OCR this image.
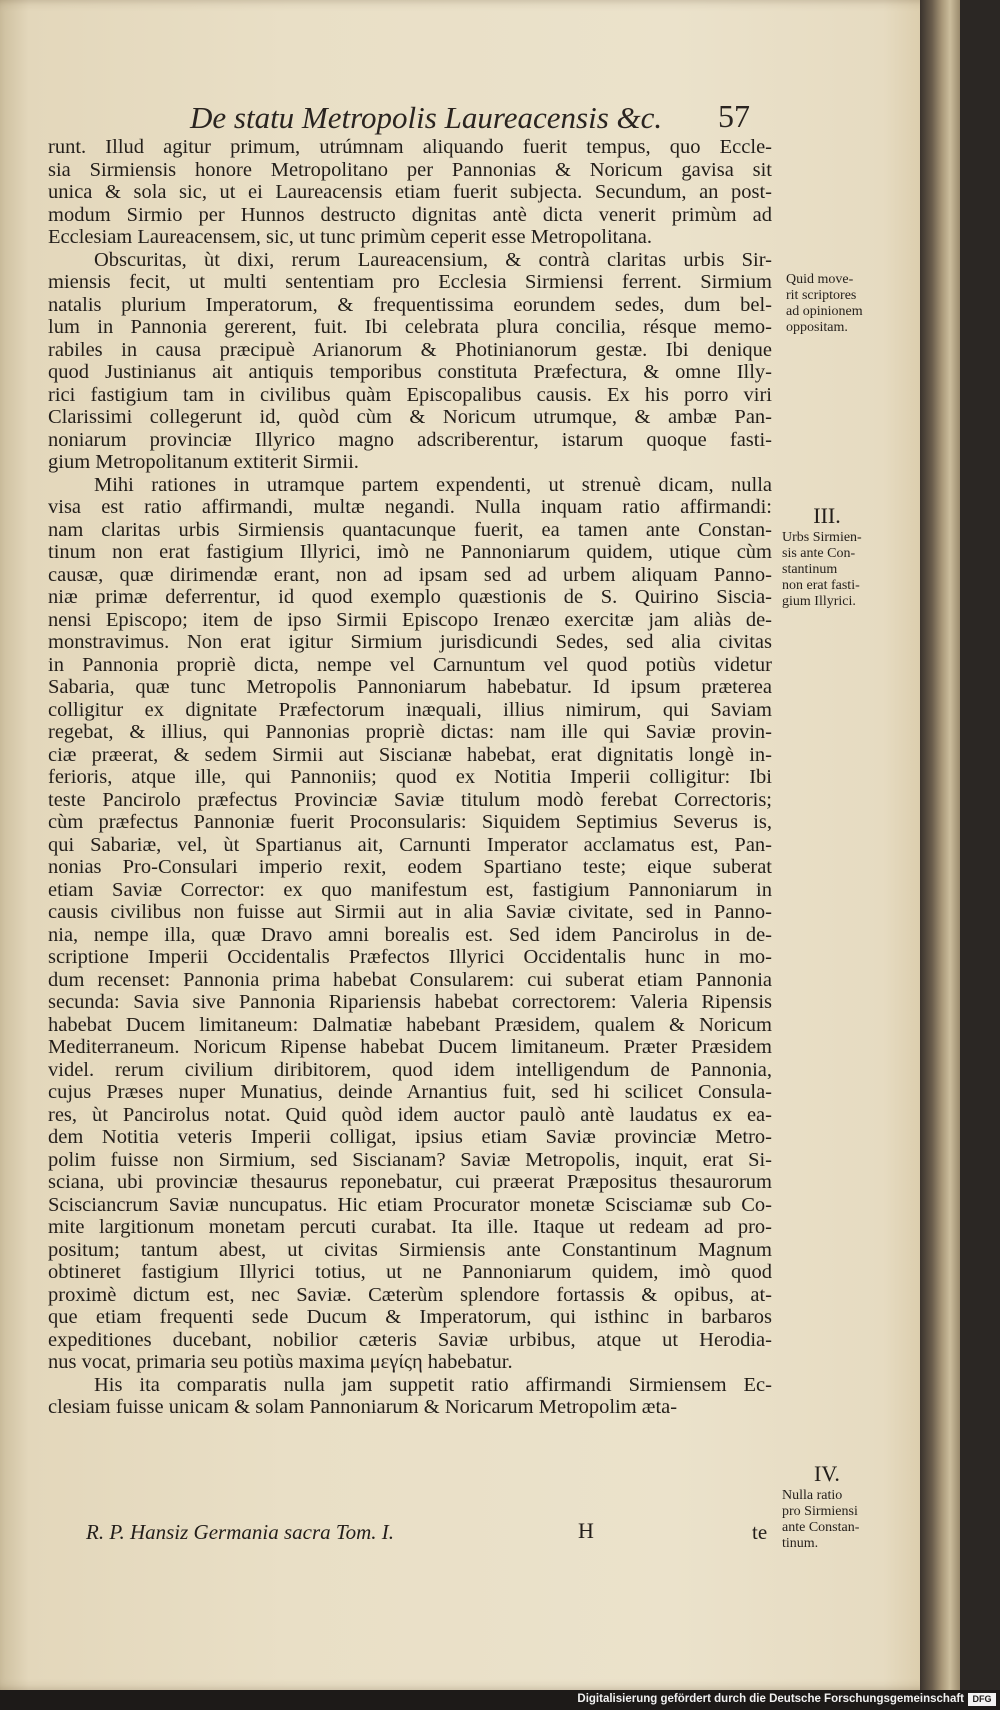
De statu Metropolis Laureacensis &c.	57
runt. Illud agitur primum, utrúmnam aliquando fuerit tempus, quo Eccle-
sia Sirmiensis honore Metropolitano per Pannonias & Noricum gavisa sit
unica & sola sic, ut ei Laureacensis etiam fuerit subjecta. Secundum, an post-
modum Sirmio per Hunnos destructo dignitas antè dicta venerit primùm ad
Ecclesiam Laureacensem, sic, ut tunc primùm ceperit esse Metropolitana.
Obscuritas, ùt dixi, rerum Laureacensium, & contrà claritas urbis Sir-
miensis fecit, ut multi sententiam pro Ecclesia Sirmiensi ferrent. Sirmium
natalis plurium Imperatorum, & frequentissima eorundem sedes, dum bel-
lum in Pannonia gererent, fuit. Ibi celebrata plura concilia, résque memo-
rabiles in causa præcipuè Arianorum & Photinianorum gestæ. Ibi denique
quod Justinianus ait antiquis temporibus constituta Præfectura, & omne Illy-
rici fastigium tam in civilibus quàm Episcopalibus causis. Ex his porro viri
Clarissimi collegerunt id, quòd cùm & Noricum utrumque, & ambæ Pan-
noniarum provinciæ Illyrico magno adscriberentur, istarum quoque fasti-
gium Metropolitanum extiterit Sirmii.
Mihi rationes in utramque partem expendenti, ut strenuè dicam, nulla
visa est ratio affirmandi, multæ negandi. Nulla inquam ratio affirmandi:
nam claritas urbis Sirmiensis quantacunque fuerit, ea tamen ante Constan-
tinum non erat fastigium Illyrici, imò ne Pannoniarum quidem, utique cùm
causæ, quæ dirimendæ erant, non ad ipsam sed ad urbem aliquam Panno-
niæ primæ deferrentur, id quod exemplo quæstionis de S. Quirino Siscia-
nensi Episcopo; item de ipso Sirmii Episcopo Irenæo exercitæ jam aliàs de-
monstravimus. Non erat igitur Sirmium jurisdicundi Sedes, sed alia civitas
in Pannonia propriè dicta, nempe vel Carnuntum vel quod potiùs videtur
Sabaria, quæ tunc Metropolis Pannoniarum habebatur. Id ipsum præterea
colligitur ex dignitate Præfectorum inæquali, illius nimirum, qui Saviam
regebat, & illius, qui Pannonias propriè dictas: nam ille qui Saviæ provin-
ciæ præerat, & sedem Sirmii aut Siscianæ habebat, erat dignitatis longè in-
ferioris, atque ille, qui Pannoniis; quod ex Notitia Imperii colligitur: Ibi
teste Pancirolo præfectus Provinciæ Saviæ titulum modò ferebat Correctoris;
cùm præfectus Pannoniæ fuerit Proconsularis: Siquidem Septimius Severus is,
qui Sabariæ, vel, ùt Spartianus ait, Carnunti Imperator acclamatus est, Pan-
nonias Pro-Consulari imperio rexit, eodem Spartiano teste; eique suberat
etiam Saviæ Corrector: ex quo manifestum est, fastigium Pannoniarum in
causis civilibus non fuisse aut Sirmii aut in alia Saviæ civitate, sed in Panno-
nia, nempe illa, quæ Dravo amni borealis est. Sed idem Pancirolus in de-
scriptione Imperii Occidentalis Præfectos Illyrici Occidentalis hunc in mo-
dum recenset: Pannonia prima habebat Consularem: cui suberat etiam Pannonia
secunda: Savia sive Pannonia Ripariensis habebat correctorem: Valeria Ripensis
habebat Ducem limitaneum: Dalmatiæ habebant Præsidem, qualem & Noricum
Mediterraneum. Noricum Ripense habebat Ducem limitaneum. Præter Præsidem
videl. rerum civilium diribitorem, quod idem intelligendum de Pannonia,
cujus Præses nuper Munatius, deinde Arnantius fuit, sed hi scilicet Consula-
res, ùt Pancirolus notat. Quid quòd idem auctor paulò antè laudatus ex ea-
dem Notitia veteris Imperii colligat, ipsius etiam Saviæ provinciæ Metro-
polim fuisse non Sirmium, sed Siscianam? Saviæ Metropolis, inquit, erat Si-
sciana, ubi provinciæ thesaurus reponebatur, cui præerat Præpositus thesaurorum
Scisciancrum Saviæ nuncupatus. Hic etiam Procurator monetæ Scisciamæ sub Co-
mite largitionum monetam percuti curabat. Ita ille. Itaque ut redeam ad pro-
positum; tantum abest, ut civitas Sirmiensis ante Constantinum Magnum
obtineret fastigium Illyrici totius, ut ne Pannoniarum quidem, imò quod
proximè dictum est, nec Saviæ. Cæterùm splendore fortassis & opibus, at-
que etiam frequenti sede Ducum & Imperatorum, qui isthinc in barbaros
expeditiones ducebant, nobilior cæteris Saviæ urbibus, atque ut Herodia-
nus vocat, primaria seu potiùs maxima μεγίςη habebatur.
His ita comparatis nulla jam suppetit ratio affirmandi Sirmiensem Ec-
clesiam fuisse unicam & solam Pannoniarum & Noricarum Metropolim æta-
Quid move-
rit scriptores
ad opinionem
oppositam.
III.
Urbs Sirmien-
sis ante Con-
stantinum
non erat fasti-
gium Illyrici.
IV.
Nulla ratio
pro Sirmiensi
ante Constan-
tinum.
R. P. Hansiz Germania sacra Tom. I.	H	te
Digitalisierung gefördert durch die Deutsche Forschungsgemeinschaft DFG
